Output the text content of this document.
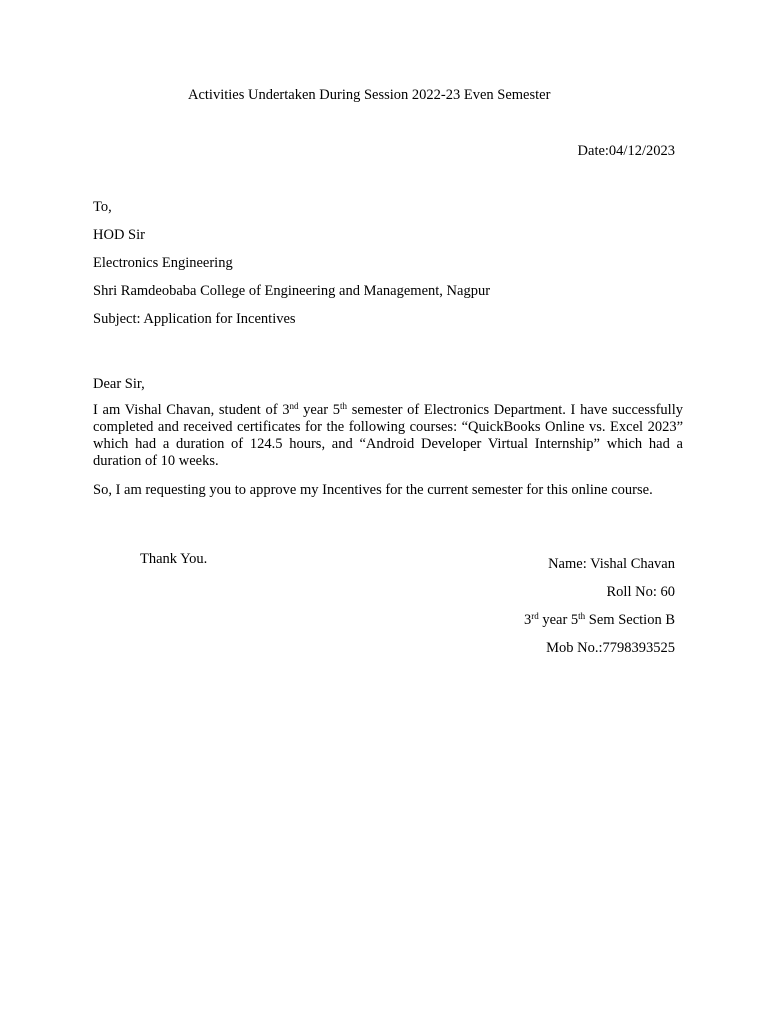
Activities Undertaken During Session 2022-23 Even Semester
Date:04/12/2023
To,
HOD Sir
Electronics Engineering
Shri Ramdeobaba College of Engineering and Management, Nagpur
Subject: Application for Incentives
Dear Sir,

I am Vishal Chavan, student of 3nd year 5th semester of Electronics Department. I have successfully completed and received certificates for the following courses: “QuickBooks Online vs. Excel 2023” which had a duration of 124.5 hours, and “Android Developer Virtual Internship” which had a duration of 10 weeks.

So, I am requesting you to approve my Incentives for the current semester for this online course.

Thank You.	Name: Vishal Chavan
Roll No: 60
3rd year 5th Sem Section B
Mob No.:7798393525
